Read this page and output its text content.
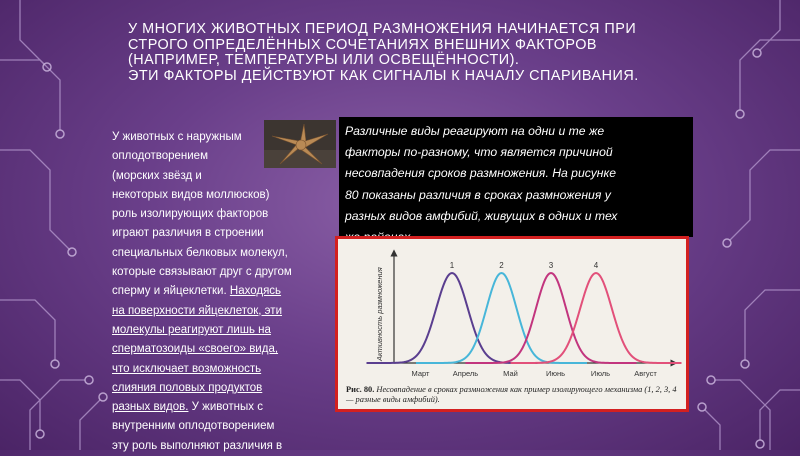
У МНОГИХ ЖИВОТНЫХ ПЕРИОД РАЗМНОЖЕНИЯ НАЧИНАЕТСЯ ПРИ
СТРОГО ОПРЕДЕЛЁННЫХ СОЧЕТАНИЯХ ВНЕШНИХ ФАКТОРОВ
(НАПРИМЕР, ТЕМПЕРАТУРЫ ИЛИ ОСВЕЩЁННОСТИ).
ЭТИ ФАКТОРЫ ДЕЙСТВУЮТ КАК СИГНАЛЫ К НАЧАЛУ СПАРИВАНИЯ.
У животных с наружным
оплодотворением
(морских звёзд и
некоторых видов моллюсков)
роль изолирующих факторов
играют различия в строении
специальных белковых молекул,
которые связывают друг с другом
сперму и яйцеклетки. Находясь
на поверхности яйцеклеток, эти
молекулы реагируют лишь на
сперматозоиды «своего» вида,
что исключает возможность
слияния половых продуктов
разных видов. У животных с
внутренним оплодотворением
эту роль выполняют различия в

Различные виды реагируют на одни и те же
факторы по-разному, что является причиной
несовпадения сроков размножения. На рисунке
80 показаны различия в сроках размножения у
разных видов амфибий, живущих в одних и тех

Активность размножения
Март	Апрель	Май	Июнь	Июль	Август
1	2	3	4
Рис. 80. Несовпадение в сроках размножения как пример изолирующего механизма (1, 2, 3, 4 — разные виды амфибий).
